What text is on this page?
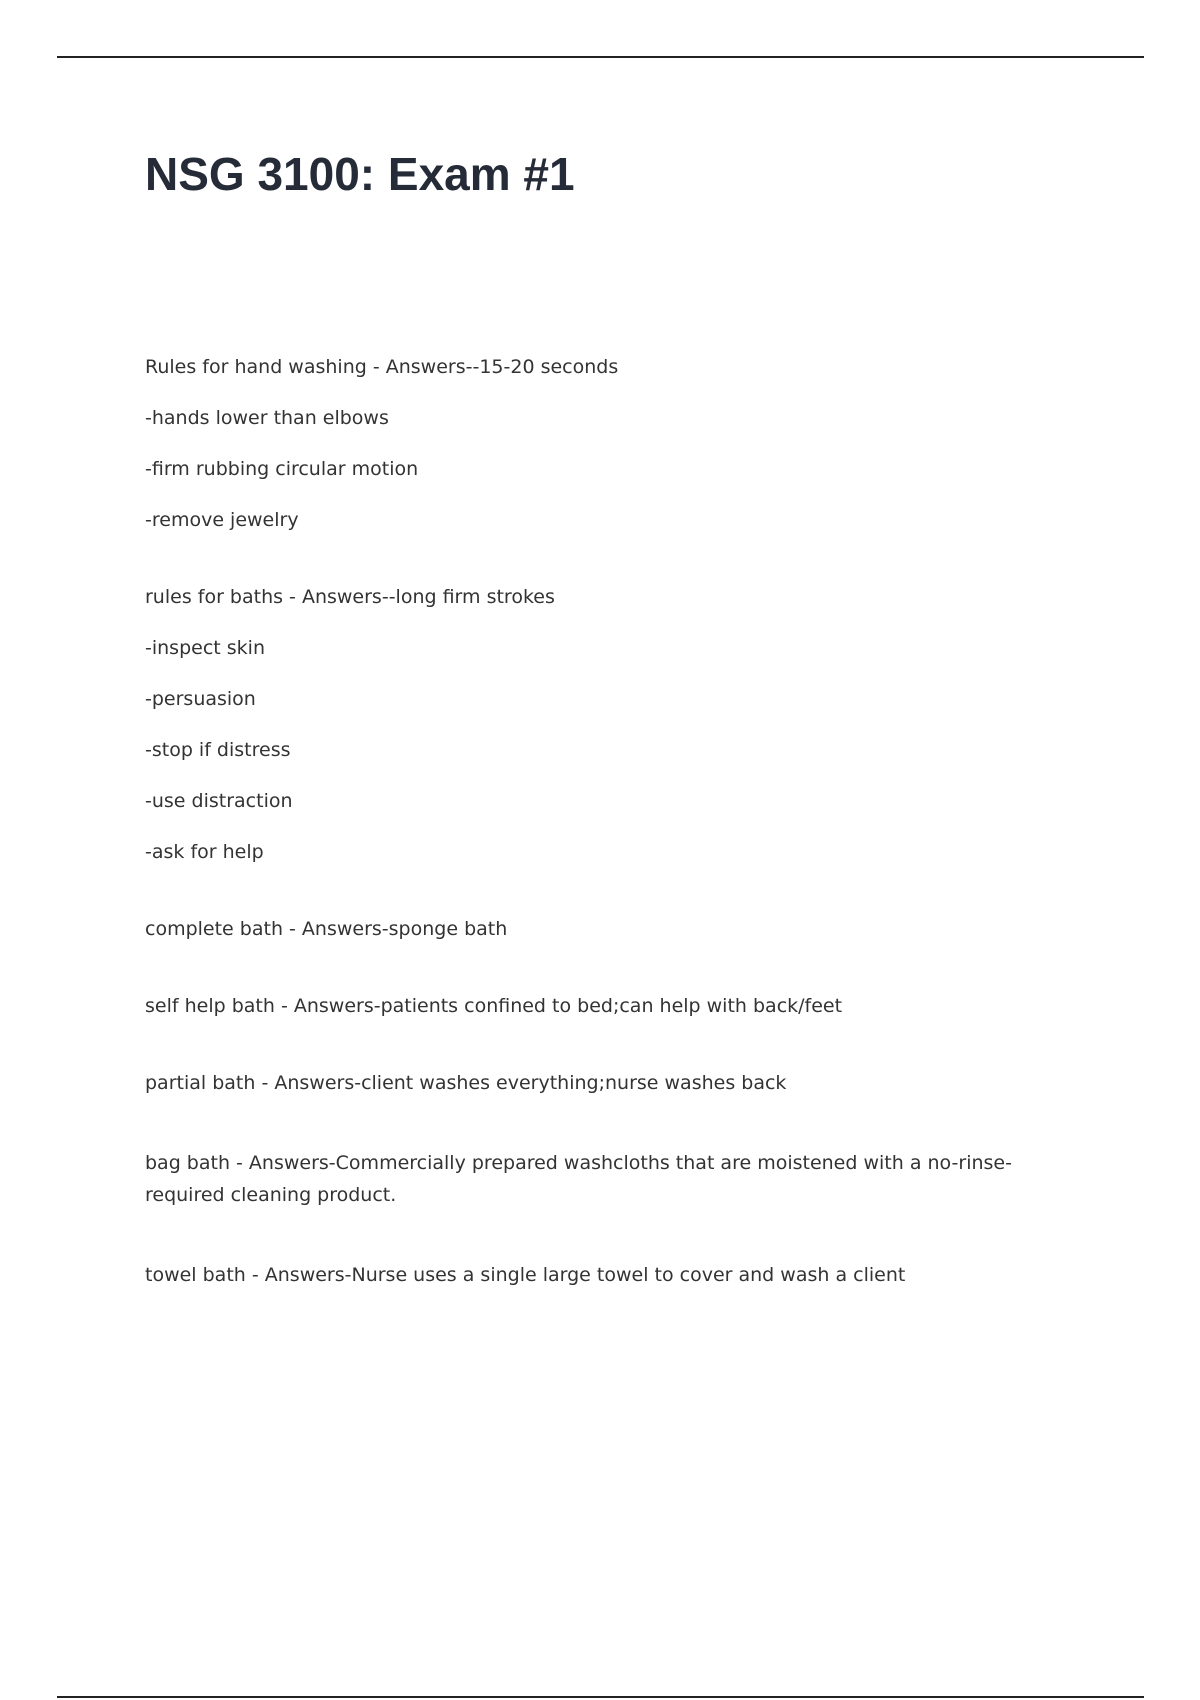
NSG 3100: Exam #1

Rules for hand washing - Answers--15-20 seconds

-hands lower than elbows

-firm rubbing circular motion

-remove jewelry

rules for baths - Answers--long firm strokes

-inspect skin

-persuasion

-stop if distress

-use distraction

-ask for help

complete bath - Answers-sponge bath

self help bath - Answers-patients confined to bed;can help with back/feet

partial bath - Answers-client washes everything;nurse washes back

bag bath - Answers-Commercially prepared washcloths that are moistened with a no-rinse-required cleaning product.

towel bath - Answers-Nurse uses a single large towel to cover and wash a client
